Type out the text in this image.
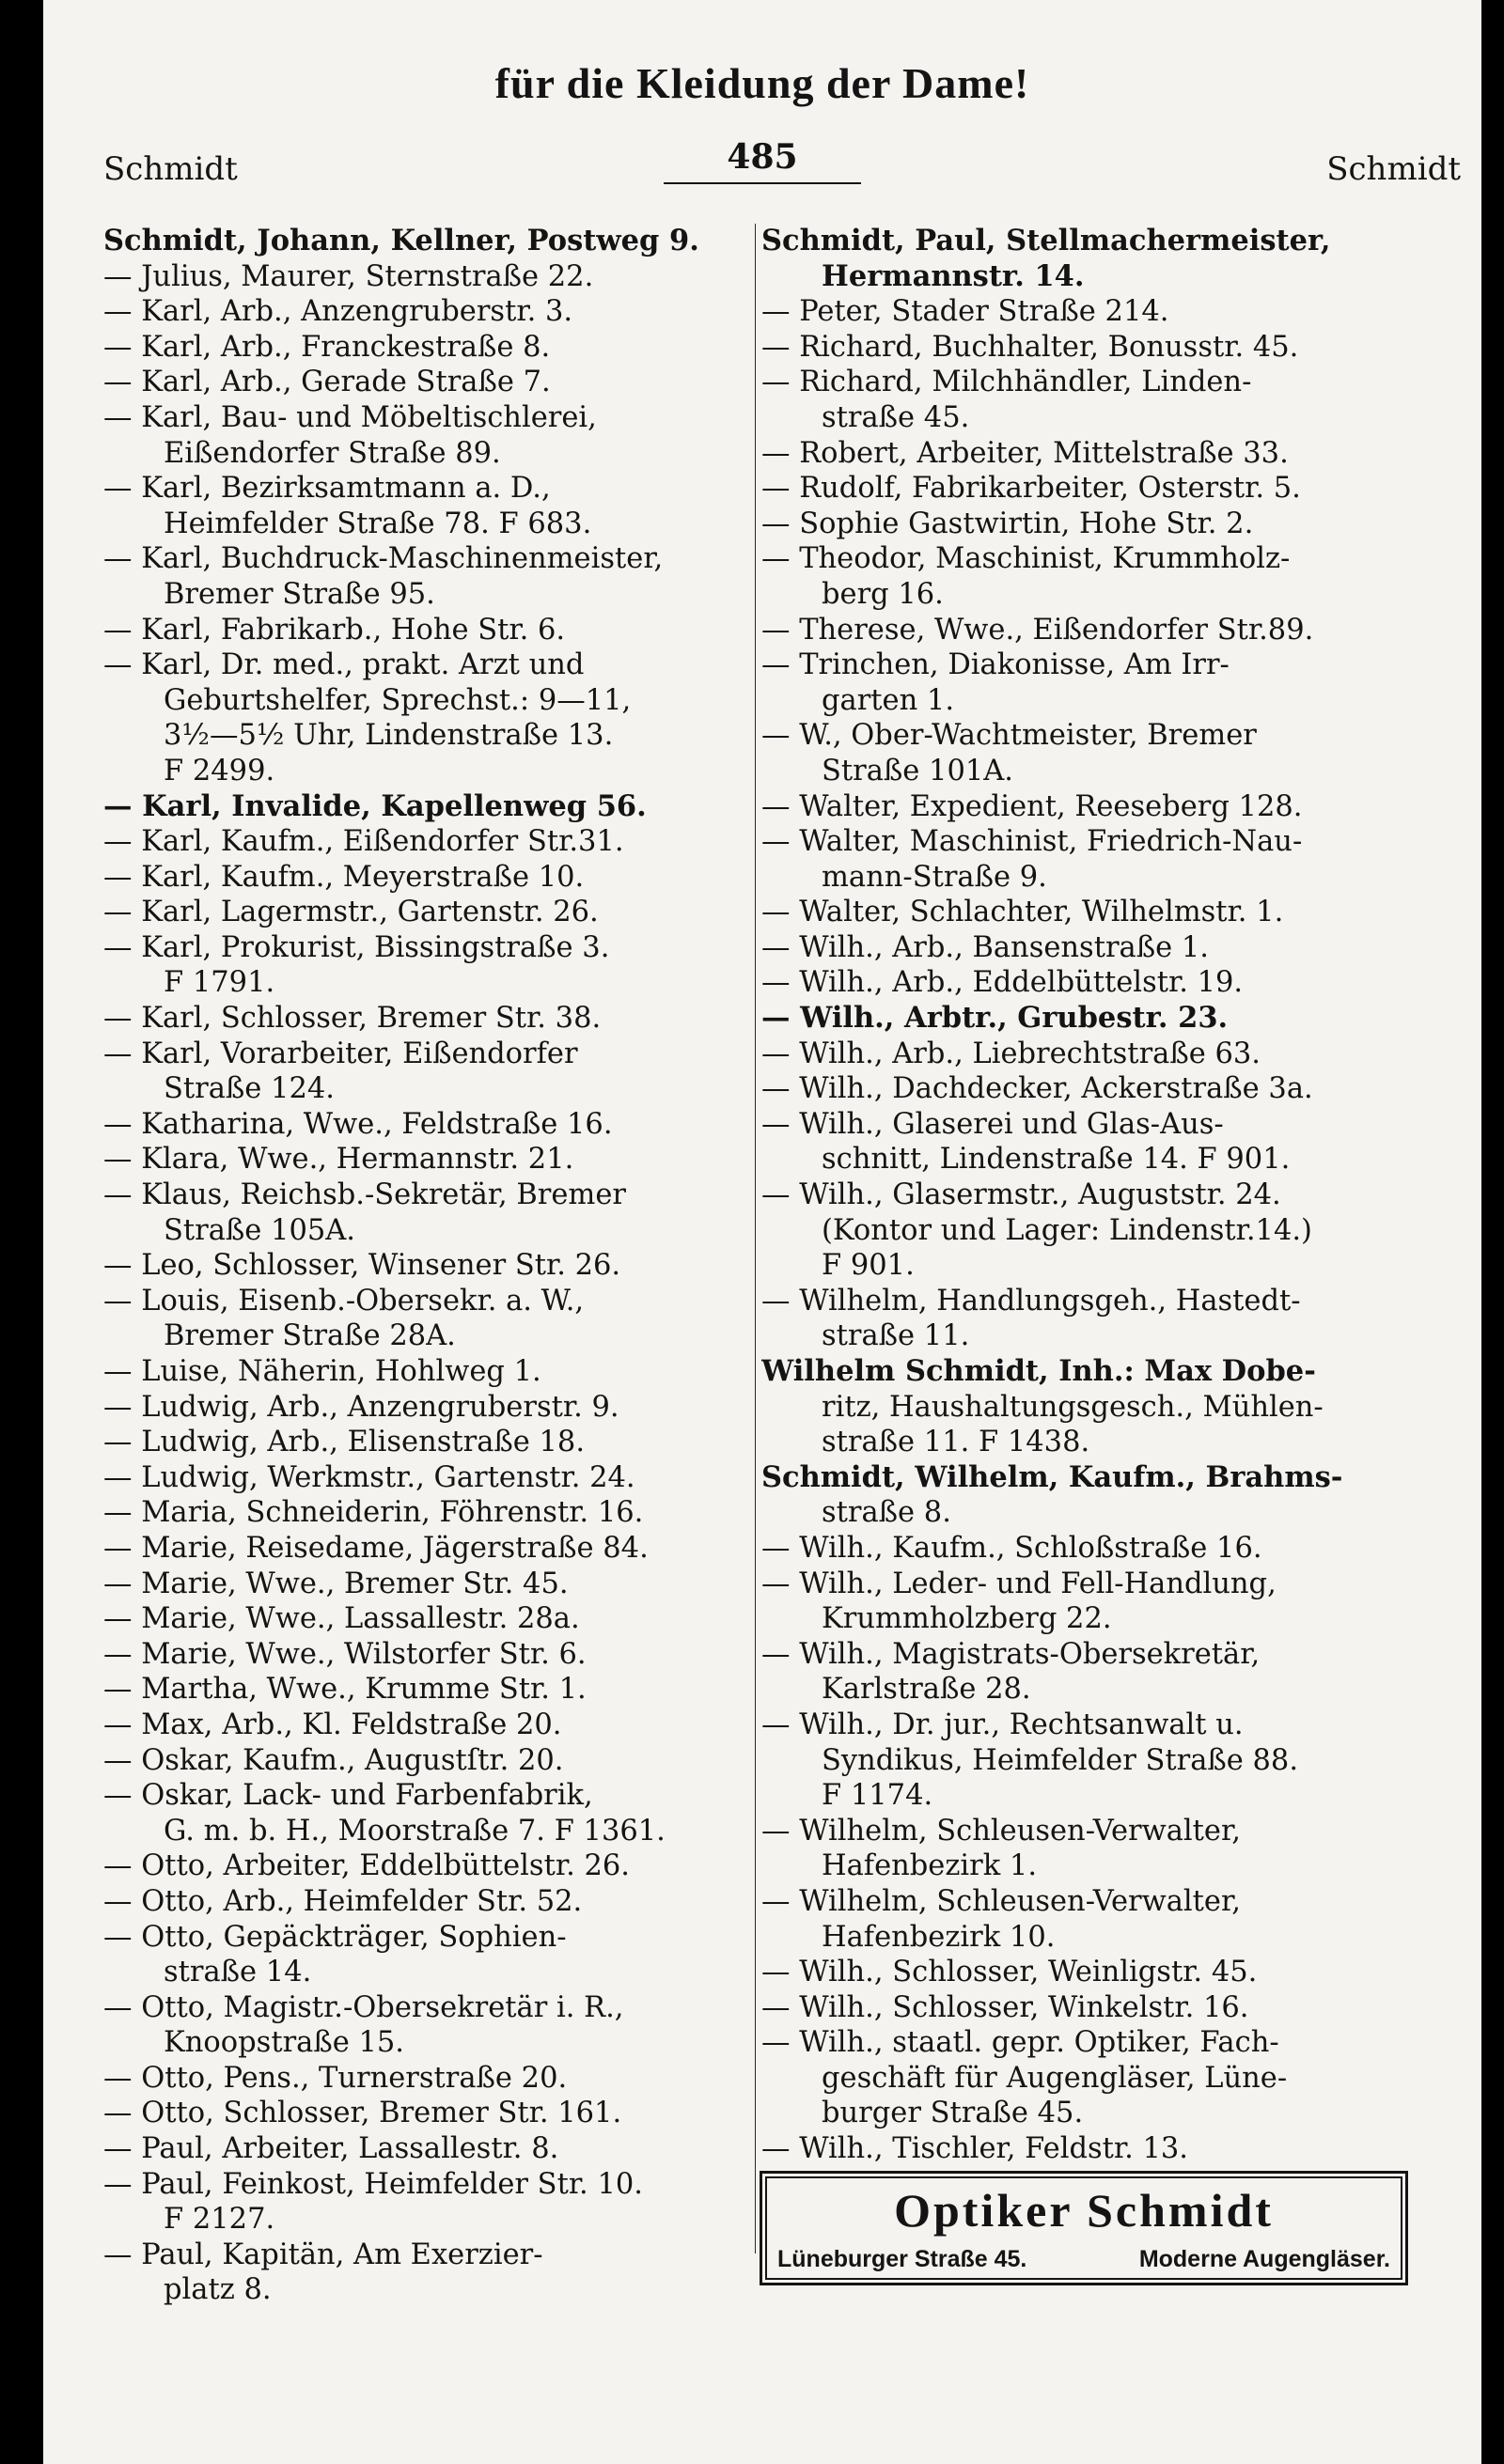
für die Kleidung der Dame!
Schmidt	485	Schmidt
Schmidt, Johann, Kellner, Postweg 9.
— Julius, Maurer, Sternstraße 22.
— Karl, Arb., Anzengruberstr. 3.
— Karl, Arb., Franckestraße 8.
— Karl, Arb., Gerade Straße 7.
— Karl, Bau- und Möbeltischlerei,
Eißendorfer Straße 89.
— Karl, Bezirksamtmann a. D.,
Heimfelder Straße 78. F 683.
— Karl, Buchdruck-Maschinenmeister,
Bremer Straße 95.
— Karl, Fabrikarb., Hohe Str. 6.
— Karl, Dr. med., prakt. Arzt und
Geburtshelfer, Sprechst.: 9—11,
3½—5½ Uhr, Lindenstraße 13.
F 2499.
— Karl, Invalide, Kapellenweg 56.
— Karl, Kaufm., Eißendorfer Str.31.
— Karl, Kaufm., Meyerstraße 10.
— Karl, Lagermstr., Gartenstr. 26.
— Karl, Prokurist, Bissingstraße 3.
F 1791.
— Karl, Schlosser, Bremer Str. 38.
— Karl, Vorarbeiter, Eißendorfer
Straße 124.
— Katharina, Wwe., Feldstraße 16.
— Klara, Wwe., Hermannstr. 21.
— Klaus, Reichsb.-Sekretär, Bremer
Straße 105A.
— Leo, Schlosser, Winsener Str. 26.
— Louis, Eisenb.-Obersekr. a. W.,
Bremer Straße 28A.
— Luise, Näherin, Hohlweg 1.
— Ludwig, Arb., Anzengruberstr. 9.
— Ludwig, Arb., Elisenstraße 18.
— Ludwig, Werkmstr., Gartenstr. 24.
— Maria, Schneiderin, Föhrenstr. 16.
— Marie, Reisedame, Jägerstraße 84.
— Marie, Wwe., Bremer Str. 45.
— Marie, Wwe., Lassallestr. 28a.
— Marie, Wwe., Wilstorfer Str. 6.
— Martha, Wwe., Krumme Str. 1.
— Max, Arb., Kl. Feldstraße 20.
— Oskar, Kaufm., Augustſtr. 20.
— Oskar, Lack- und Farbenfabrik,
G. m. b. H., Moorstraße 7. F 1361.
— Otto, Arbeiter, Eddelbüttelstr. 26.
— Otto, Arb., Heimfelder Str. 52.
— Otto, Gepäckträger, Sophien-
straße 14.
— Otto, Magistr.-Obersekretär i. R.,
Knoopstraße 15.
— Otto, Pens., Turnerstraße 20.
— Otto, Schlosser, Bremer Str. 161.
— Paul, Arbeiter, Lassallestr. 8.
— Paul, Feinkost, Heimfelder Str. 10.
F 2127.
— Paul, Kapitän, Am Exerzier-
platz 8.
Schmidt, Paul, Stellmachermeister,
Hermannstr. 14.
— Peter, Stader Straße 214.
— Richard, Buchhalter, Bonusstr. 45.
— Richard, Milchhändler, Linden-
straße 45.
— Robert, Arbeiter, Mittelstraße 33.
— Rudolf, Fabrikarbeiter, Osterstr. 5.
— Sophie Gastwirtin, Hohe Str. 2.
— Theodor, Maschinist, Krummholz-
berg 16.
— Therese, Wwe., Eißendorfer Str.89.
— Trinchen, Diakonisse, Am Irr-
garten 1.
— W., Ober-Wachtmeister, Bremer
Straße 101A.
— Walter, Expedient, Reeseberg 128.
— Walter, Maschinist, Friedrich-Nau-
mann-Straße 9.
— Walter, Schlachter, Wilhelmstr. 1.
— Wilh., Arb., Bansenstraße 1.
— Wilh., Arb., Eddelbüttelstr. 19.
— Wilh., Arbtr., Grubestr. 23.
— Wilh., Arb., Liebrechtstraße 63.
— Wilh., Dachdecker, Ackerstraße 3a.
— Wilh., Glaserei und Glas-Aus-
schnitt, Lindenstraße 14. F 901.
— Wilh., Glasermstr., Auguststr. 24.
(Kontor und Lager: Lindenstr.14.)
F 901.
— Wilhelm, Handlungsgeh., Hastedt-
straße 11.
Wilhelm Schmidt, Inh.: Max Dobe-
ritz, Haushaltungsgesch., Mühlen-
straße 11. F 1438.
Schmidt, Wilhelm, Kaufm., Brahms-
straße 8.
— Wilh., Kaufm., Schloßstraße 16.
— Wilh., Leder- und Fell-Handlung,
Krummholzberg 22.
— Wilh., Magistrats-Obersekretär,
Karlstraße 28.
— Wilh., Dr. jur., Rechtsanwalt u.
Syndikus, Heimfelder Straße 88.
F 1174.
— Wilhelm, Schleusen-Verwalter,
Hafenbezirk 1.
— Wilhelm, Schleusen-Verwalter,
Hafenbezirk 10.
— Wilh., Schlosser, Weinligstr. 45.
— Wilh., Schlosser, Winkelstr. 16.
— Wilh., staatl. gepr. Optiker, Fach-
geschäft für Augengläser, Lüne-
burger Straße 45.
— Wilh., Tischler, Feldstr. 13.
Optiker Schmidt
Lüneburger Straße 45.	Moderne Augengläser.
